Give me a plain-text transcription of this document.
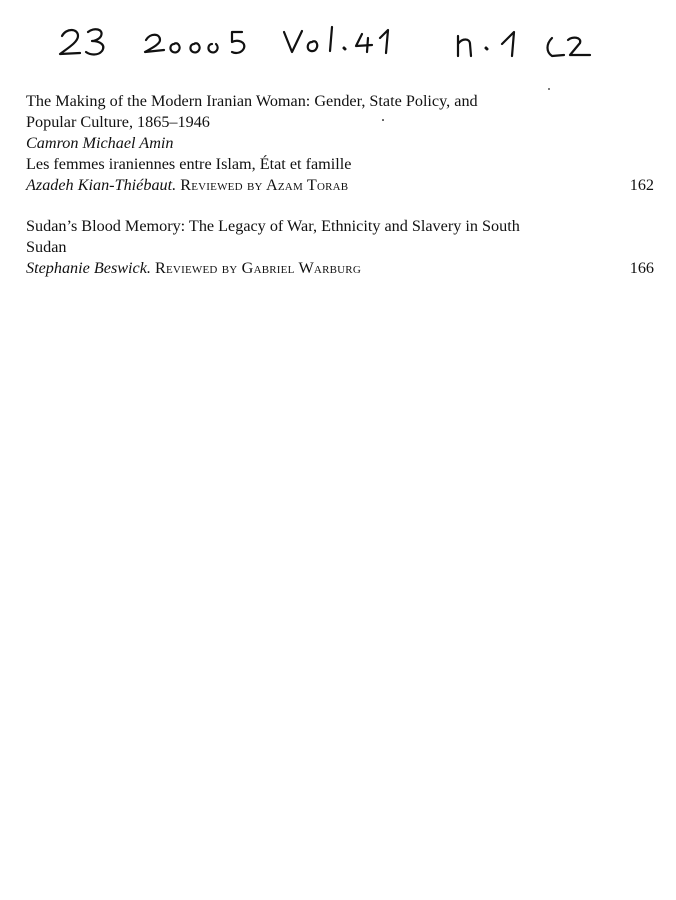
The Making of the Modern Iranian Woman: Gender, State Policy, and
Popular Culture, 1865–1946
Camron Michael Amin
Les femmes iraniennes entre Islam, État et famille
Azadeh Kian-Thiébaut. Reviewed by Azam Torab	162
Sudan’s Blood Memory: The Legacy of War, Ethnicity and Slavery in South
Sudan
Stephanie Beswick. Reviewed by Gabriel Warburg	166
